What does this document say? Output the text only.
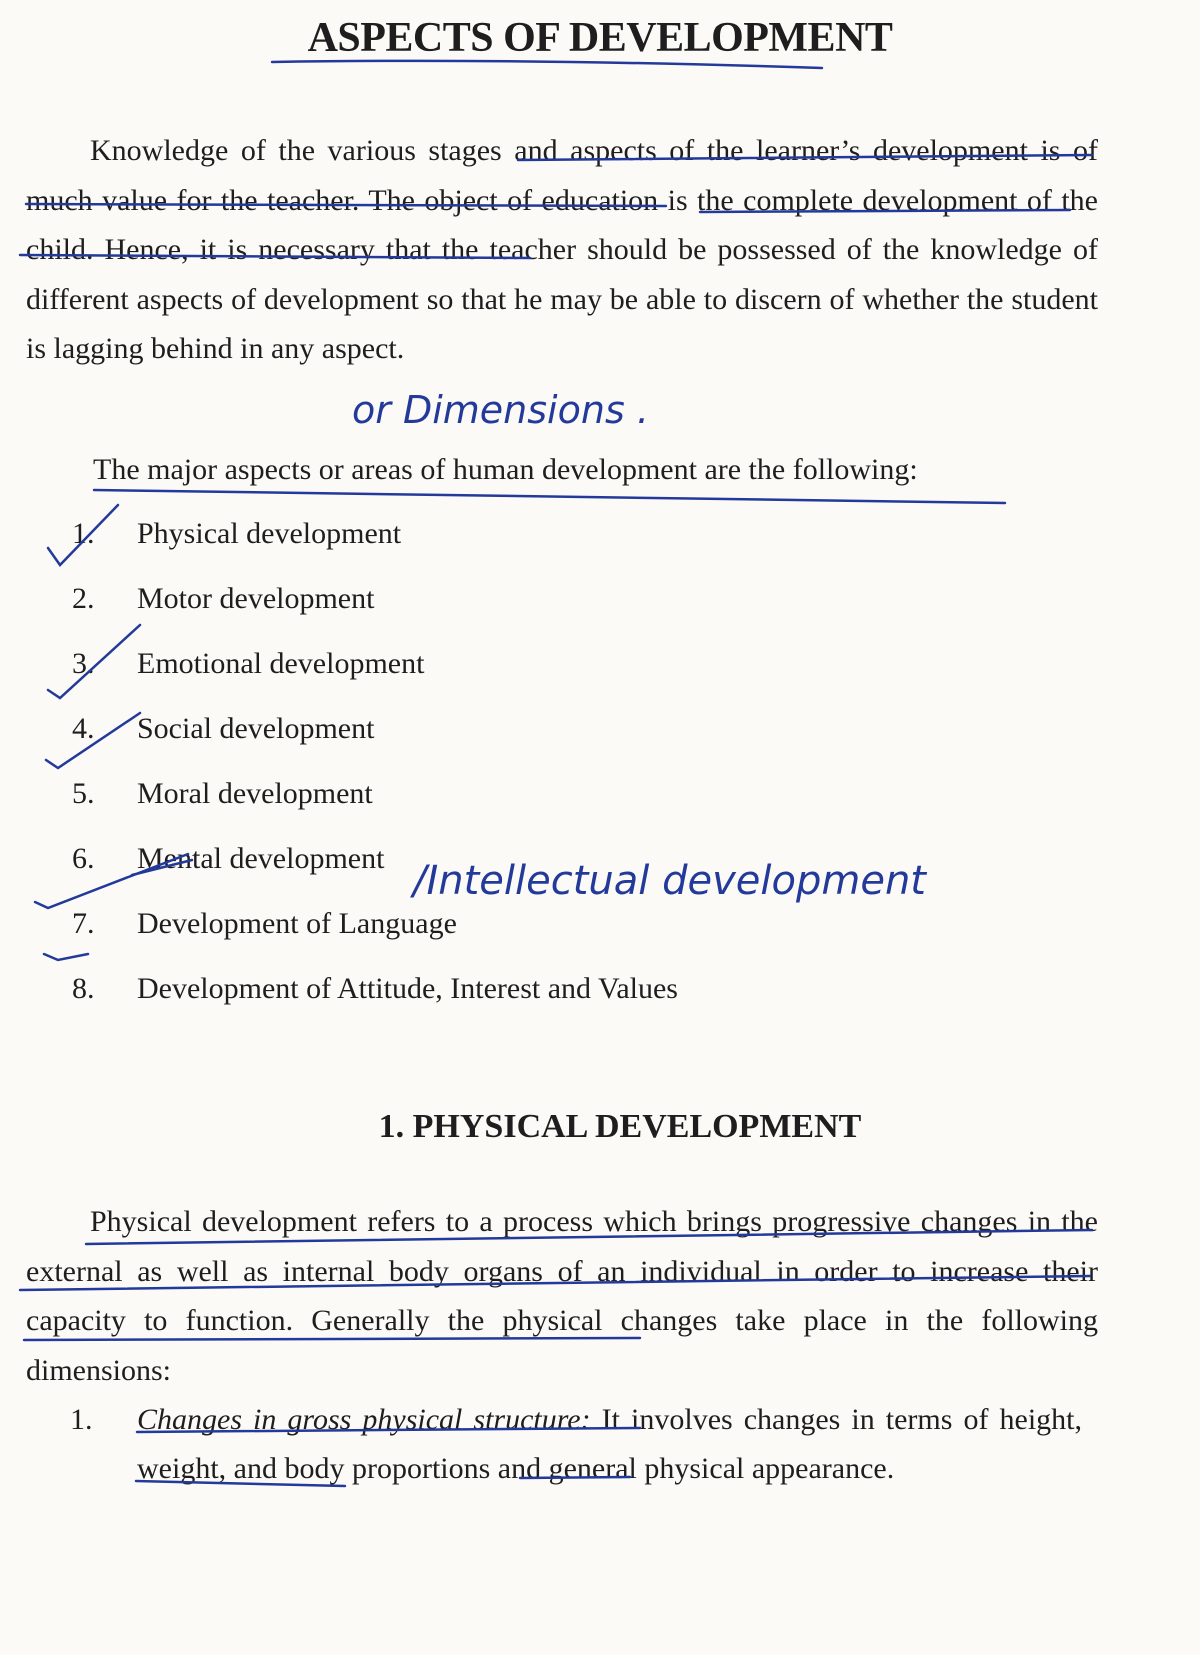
ASPECTS OF DEVELOPMENT
Knowledge of the various stages and aspects of the learner’s development is of much value for the teacher. The object of education is the complete development of the child. Hence, it is necessary that the teacher should be possessed of the knowledge of different aspects of development so that he may be able to discern of whether the student is lagging behind in any aspect.
or Dimensions .
The major aspects or areas of human development are the following:
1.	Physical development
2.	Motor development
3.	Emotional development
4.	Social development
5.	Moral development
6.	Mental development
7.	Development of Language
8.	Development of Attitude, Interest and Values
/Intellectual development
1. PHYSICAL DEVELOPMENT
Physical development refers to a process which brings progressive changes in the external as well as internal body organs of an individual in order to increase their capacity to function. Generally the physical changes take place in the following dimensions:
1. Changes in gross physical structure: It involves changes in terms of height, weight, and body proportions and general physical appearance.
